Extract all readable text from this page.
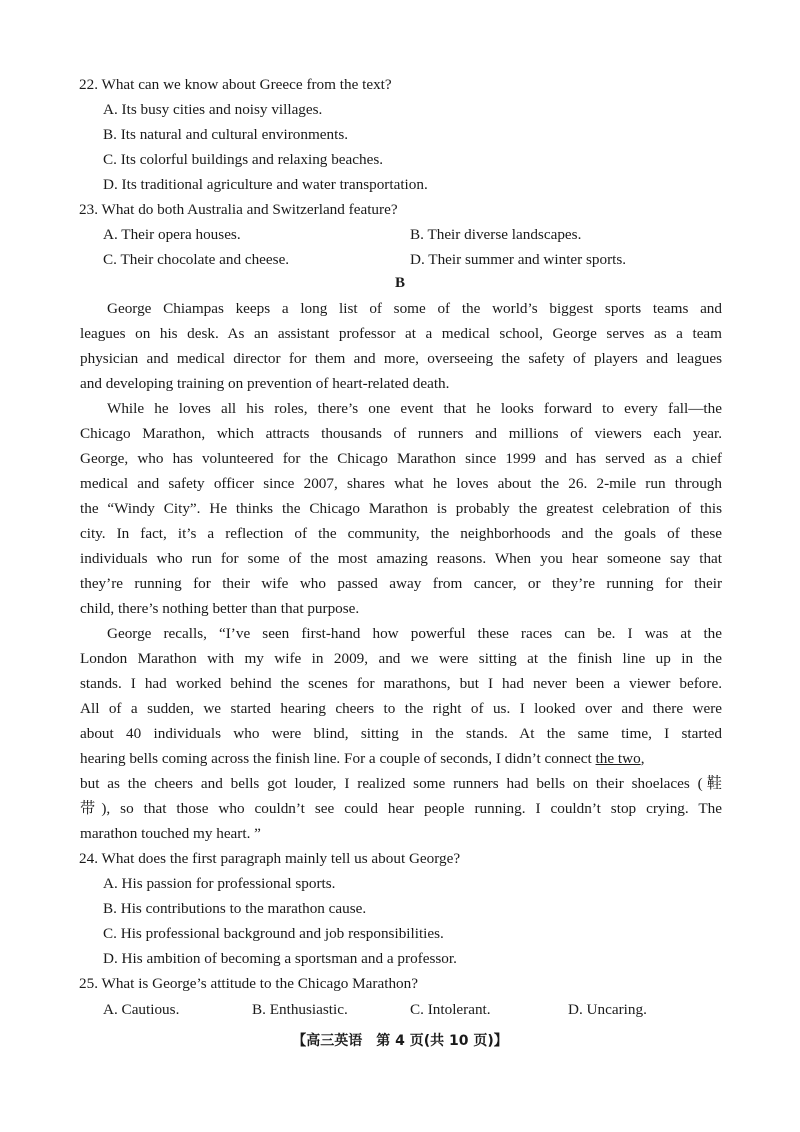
22. What can we know about Greece from the text?
A. Its busy cities and noisy villages.
B. Its natural and cultural environments.
C. Its colorful buildings and relaxing beaches.
D. Its traditional agriculture and water transportation.
23. What do both Australia and Switzerland feature?
A. Their opera houses.	B. Their diverse landscapes.
C. Their chocolate and cheese.	D. Their summer and winter sports.
B
George Chiampas keeps a long list of some of the world’s biggest sports teams and
leagues on his desk. As an assistant professor at a medical school, George serves as a team
physician and medical director for them and more, overseeing the safety of players and leagues
and developing training on prevention of heart-related death.
While he loves all his roles, there’s one event that he looks forward to every fall—the
Chicago Marathon, which attracts thousands of runners and millions of viewers each year.
George, who has volunteered for the Chicago Marathon since 1999 and has served as a chief
medical and safety officer since 2007, shares what he loves about the 26. 2-mile run through
the “Windy City”. He thinks the Chicago Marathon is probably the greatest celebration of this
city. In fact, it’s a reflection of the community, the neighborhoods and the goals of these
individuals who run for some of the most amazing reasons. When you hear someone say that
they’re running for their wife who passed away from cancer, or they’re running for their
child, there’s nothing better than that purpose.
George recalls, “I’ve seen first-hand how powerful these races can be. I was at the
London Marathon with my wife in 2009, and we were sitting at the finish line up in the
stands. I had worked behind the scenes for marathons, but I had never been a viewer before.
All of a sudden, we started hearing cheers to the right of us. I looked over and there were
about 40 individuals who were blind, sitting in the stands. At the same time, I started
hearing bells coming across the finish line. For a couple of seconds, I didn’t connect the two,
but as the cheers and bells got louder, I realized some runners had bells on their shoelaces (鞋
带), so that those who couldn’t see could hear people running. I couldn’t stop crying. The
marathon touched my heart. ”
24. What does the first paragraph mainly tell us about George?
A. His passion for professional sports.
B. His contributions to the marathon cause.
C. His professional background and job responsibilities.
D. His ambition of becoming a sportsman and a professor.
25. What is George’s attitude to the Chicago Marathon?
A. Cautious.	B. Enthusiastic.	C. Intolerant.	D. Uncaring.
【高三英语　第 4 页(共 10 页)】
